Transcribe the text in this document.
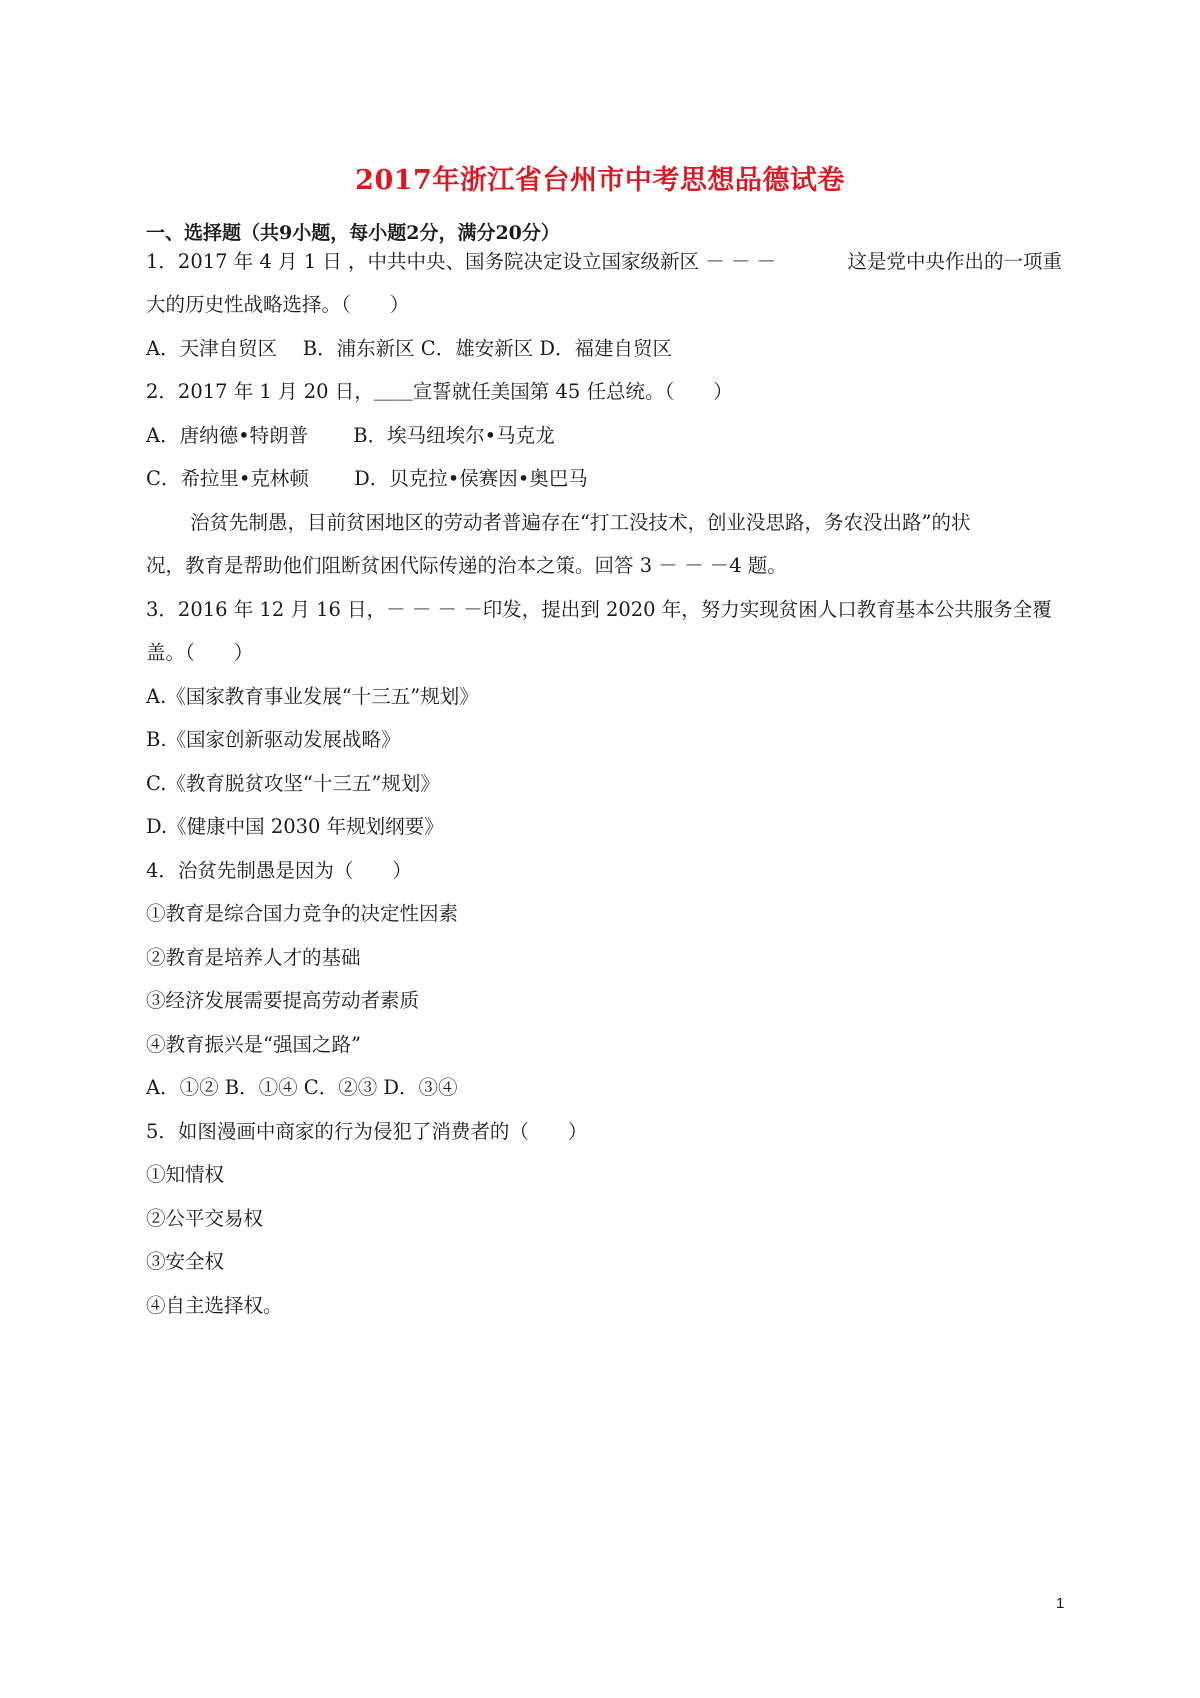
2017年浙江省台州市中考思想品德试卷
一、选择题（共9小题，每小题2分，满分20分）
1．2017 年 4 月 1 日 ，中共中央、国务院决定设立国家级新区 － － －	这是党中央作出的一项重
大的历史性战略选择。（　　）
A．天津自贸区　 B．浦东新区 C．雄安新区 D．福建自贸区
2．2017 年 1 月 20 日，＿＿宣誓就任美国第 45 任总统。（　　）
A．唐纳德•特朗普　　 B．埃马纽埃尔•马克龙
C．希拉里•克林顿　　 D．贝克拉•侯赛因•奥巴马
治贫先制愚，目前贫困地区的劳动者普遍存在“打工没技术，创业没思路，务农没出路”的状
况，教育是帮助他们阻断贫困代际传递的治本之策。回答 3 － － －4 题。
3．2016 年 12 月 16 日，－ － － －印发，提出到 2020 年，努力实现贫困人口教育基本公共服务全覆
盖。（　　）
A.《国家教育事业发展“十三五”规划》
B.《国家创新驱动发展战略》
C.《教育脱贫攻坚“十三五”规划》
D.《健康中国 2030 年规划纲要》
4．治贫先制愚是因为（　　）
①教育是综合国力竞争的决定性因素
②教育是培养人才的基础
③经济发展需要提高劳动者素质
④教育振兴是“强国之路”
A．①② B．①④ C．②③ D．③④
5．如图漫画中商家的行为侵犯了消费者的（　　）
①知情权
②公平交易权
③安全权
④自主选择权。
1
